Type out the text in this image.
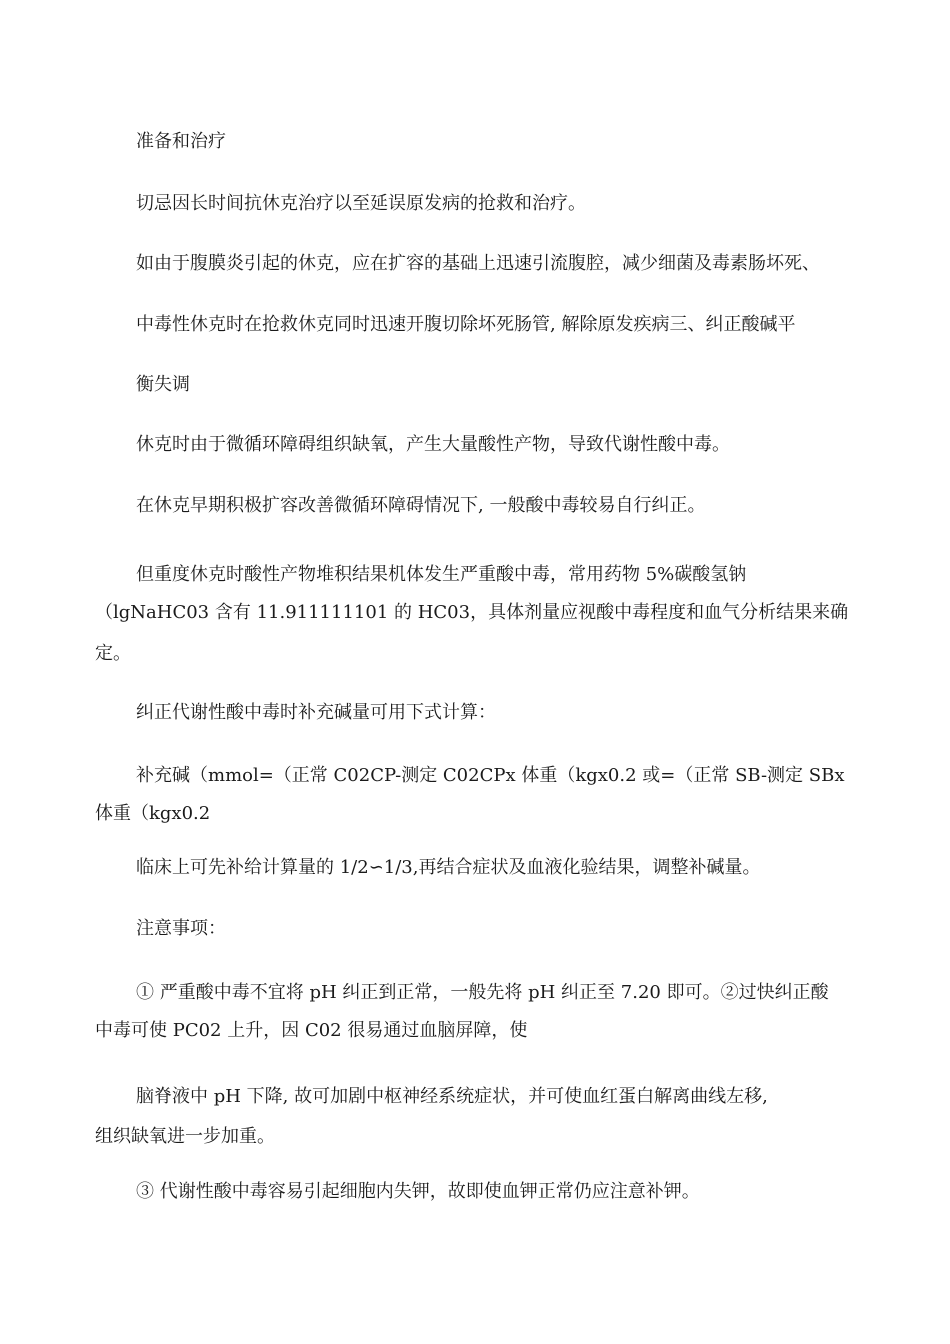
准备和治疗
切忌因长时间抗休克治疗以至延误原发病的抢救和治疗。
如由于腹膜炎引起的休克，应在扩容的基础上迅速引流腹腔，减少细菌及毒素肠坏死、
中毒性休克时在抢救休克同时迅速开腹切除坏死肠管, 解除原发疾病三、纠正酸碱平
衡失调
休克时由于微循环障碍组织缺氧，产生大量酸性产物，导致代谢性酸中毒。
在休克早期积极扩容改善微循环障碍情况下, 一般酸中毒较易自行纠正。
但重度休克时酸性产物堆积结果机体发生严重酸中毒，常用药物 5%碳酸氢钠
（lgNaHC03 含有 11.911111101 的 HC03，具体剂量应视酸中毒程度和血气分析结果来确
定。
纠正代谢性酸中毒时补充碱量可用下式计算：
补充碱（mmol=（正常 C02CP-测定 C02CPx 体重（kgx0.2 或=（正常 SB-测定 SBx
体重（kgx0.2
临床上可先补给计算量的 1/2∽1/3,再结合症状及血液化验结果，调整补碱量。
注意事项：
① 严重酸中毒不宜将 pH 纠正到正常，一般先将 pH 纠正至 7.20 即可。②过快纠正酸
中毒可使 PC02 上升，因 C02 很易通过血脑屏障，使
脑脊液中 pH 下降, 故可加剧中枢神经系统症状，并可使血红蛋白解离曲线左移,
组织缺氧进一步加重。
③ 代谢性酸中毒容易引起细胞内失钾，故即使血钾正常仍应注意补钾。
